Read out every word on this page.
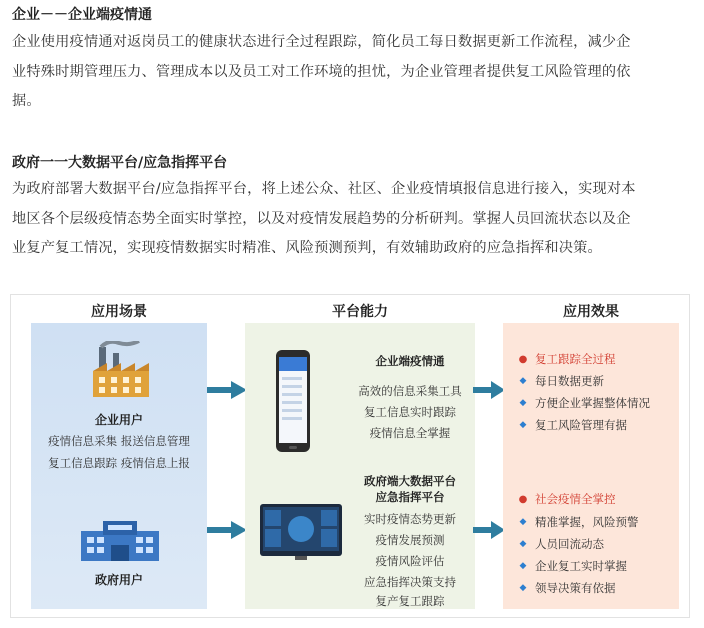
企业－－企业端疫情通
企业使用疫情通对返岗员工的健康状态进行全过程跟踪，简化员工每日数据更新工作流程，减少企
业特殊时期管理压力、管理成本以及员工对工作环境的担忧，为企业管理者提供复工风险管理的依
据。
政府一一大数据平台/应急指挥平台
为政府部署大数据平台/应急指挥平台，将上述公众、社区、企业疫情填报信息进行接入，实现对本
地区各个层级疫情态势全面实时掌控，以及对疫情发展趋势的分析研判。掌握人员回流状态以及企
业复产复工情况，实现疫情数据实时精准、风险预测预判，有效辅助政府的应急指挥和决策。
应用场景	平台能力	应用效果
企业用户
疫情信息采集 报送信息管理
复工信息跟踪 疫情信息上报
政府用户
企业端疫情通
高效的信息采集工具
复工信息实时跟踪
疫情信息全掌握
政府端大数据平台
应急指挥平台
实时疫情态势更新
疫情发展预测
疫情风险评估
应急指挥决策支持
复产复工跟踪
● 复工跟踪全过程
◆ 每日数据更新
◆ 方便企业掌握整体情况
◆ 复工风险管理有据
● 社会疫情全掌控
◆ 精准掌握，风险预警
◆ 人员回流动态
◆ 企业复工实时掌握
◆ 领导决策有依据
